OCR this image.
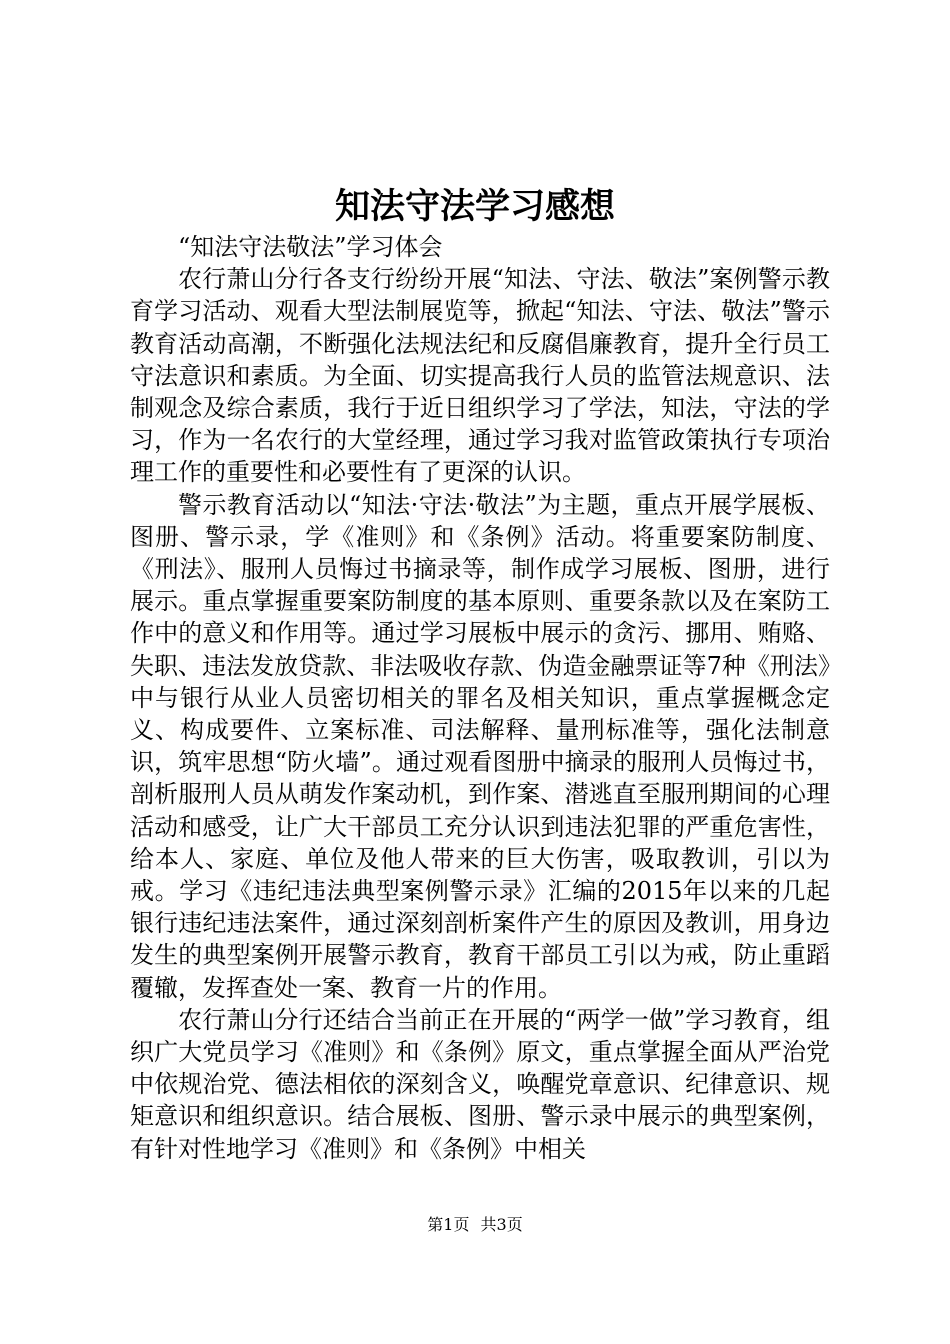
知法守法学习感想

“知法守法敬法”学习体会

农行萧山分行各支行纷纷开展“知法、守法、敬法”案例警示教育学习活动、观看大型法制展览等，掀起“知法、守法、敬法”警示教育活动高潮，不断强化法规法纪和反腐倡廉教育，提升全行员工守法意识和素质。为全面、切实提高我行人员的监管法规意识、法制观念及综合素质，我行于近日组织学习了学法，知法，守法的学习，作为一名农行的大堂经理，通过学习我对监管政策执行专项治理工作的重要性和必要性有了更深的认识。

警示教育活动以“知法·守法·敬法”为主题，重点开展学展板、图册、警示录，学《准则》和《条例》活动。将重要案防制度、《刑法》、服刑人员悔过书摘录等，制作成学习展板、图册，进行展示。重点掌握重要案防制度的基本原则、重要条款以及在案防工作中的意义和作用等。通过学习展板中展示的贪污、挪用、贿赂、失职、违法发放贷款、非法吸收存款、伪造金融票证等7种《刑法》中与银行从业人员密切相关的罪名及相关知识，重点掌握概念定义、构成要件、立案标准、司法解释、量刑标准等，强化法制意识，筑牢思想“防火墙”。通过观看图册中摘录的服刑人员悔过书，剖析服刑人员从萌发作案动机，到作案、潜逃直至服刑期间的心理活动和感受，让广大干部员工充分认识到违法犯罪的严重危害性，给本人、家庭、单位及他人带来的巨大伤害，吸取教训，引以为戒。学习《违纪违法典型案例警示录》汇编的2015年以来的几起银行违纪违法案件，通过深刻剖析案件产生的原因及教训，用身边发生的典型案例开展警示教育，教育干部员工引以为戒，防止重蹈覆辙，发挥查处一案、教育一片的作用。

农行萧山分行还结合当前正在开展的“两学一做”学习教育，组织广大党员学习《准则》和《条例》原文，重点掌握全面从严治党中依规治党、德法相依的深刻含义，唤醒党章意识、纪律意识、规矩意识和组织意识。结合展板、图册、警示录中展示的典型案例，有针对性地学习《准则》和《条例》中相关

第1页 共3页
